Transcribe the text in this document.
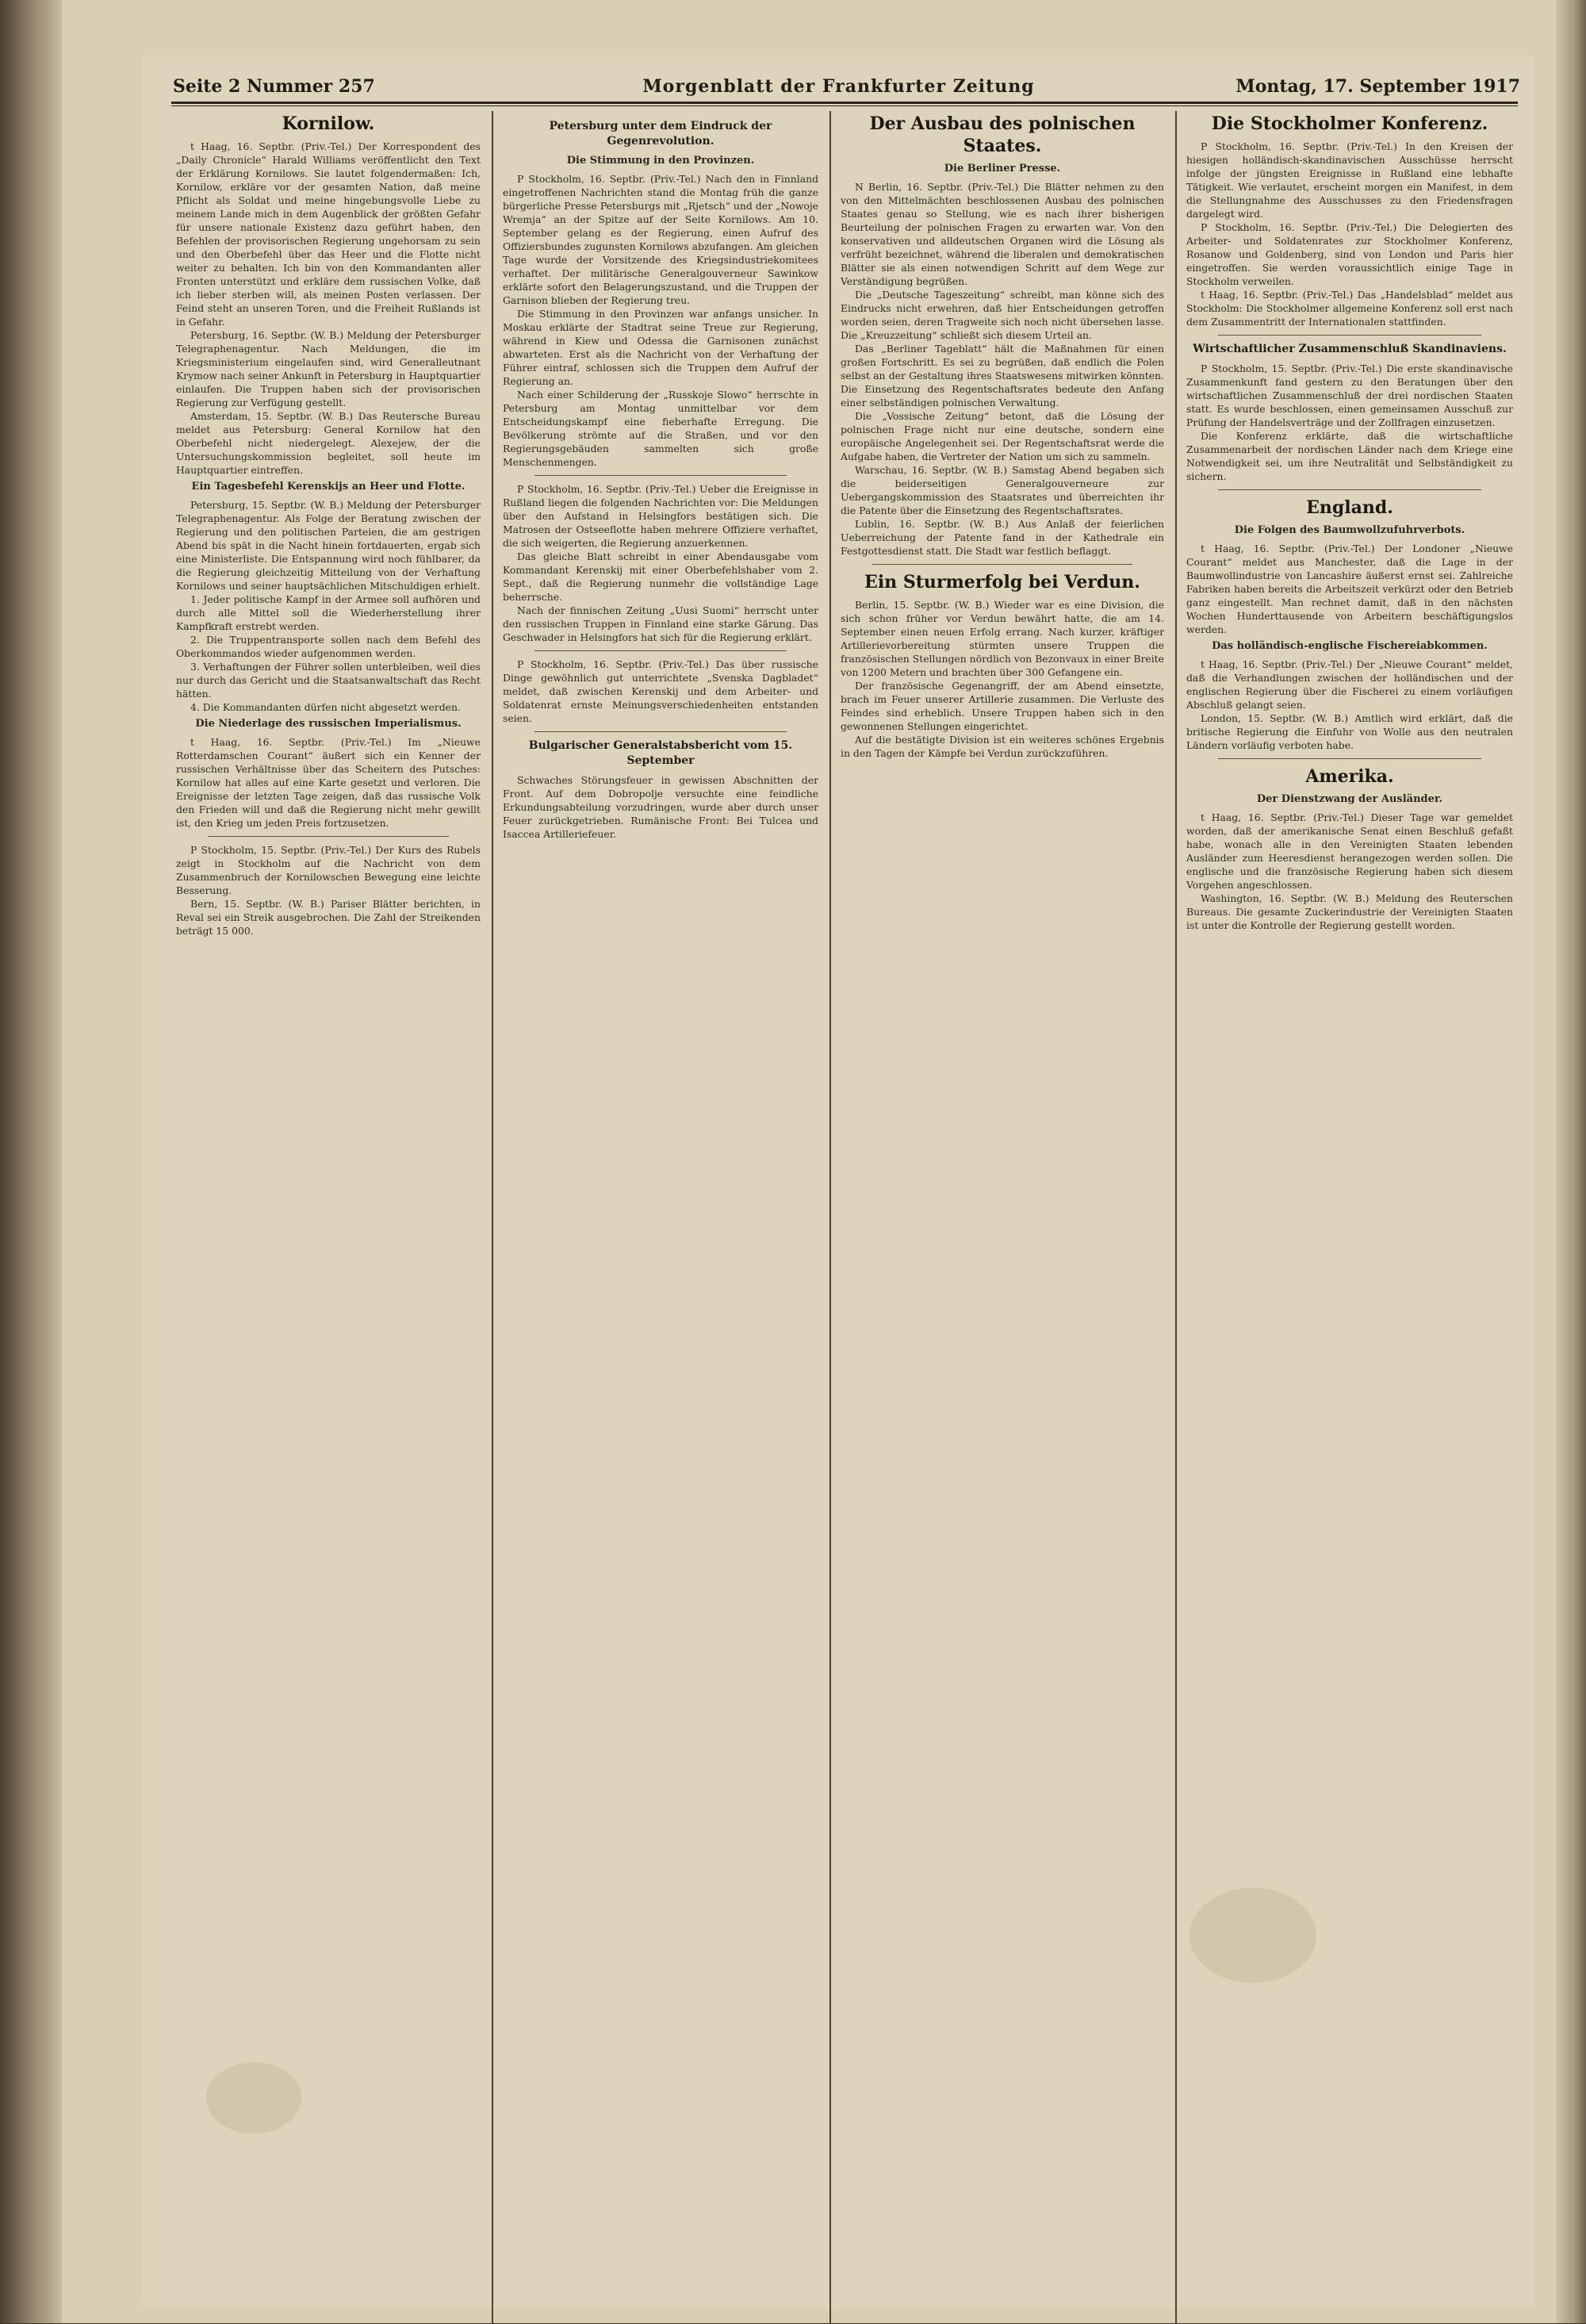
Seite 2 Nummer 257	Morgenblatt der Frankfurter Zeitung	Montag, 17. September 1917
Kornilow.

t Haag, 16. Septbr. (Priv.-Tel.) Der Korrespondent des „Daily Chronicle“ Harald Williams veröffentlicht den Text der Erklärung Kornilows. Sie lautet folgendermaßen: Ich, Kornilow, erkläre vor der gesamten Nation, daß meine Pflicht als Soldat und meine hingebungsvolle Liebe zu meinem Lande mich in dem Augenblick der größten Gefahr für unsere nationale Existenz dazu geführt haben, den Befehlen der provisorischen Regierung ungehorsam zu sein und den Oberbefehl über das Heer und die Flotte nicht weiter zu behalten. Ich bin von den Kommandanten aller Fronten unterstützt und erkläre dem russischen Volke, daß ich lieber sterben will, als meinen Posten verlassen. Der Feind steht an unseren Toren, und die Freiheit Rußlands ist in Gefahr.

Petersburg, 16. Septbr. (W. B.) Meldung der Petersburger Telegraphenagentur. Nach Meldungen, die im Kriegsministerium eingelaufen sind, wird Generalleutnant Krymow nach seiner Ankunft in Petersburg in Hauptquartier einlaufen. Die Truppen haben sich der provisorischen Regierung zur Verfügung gestellt.

Amsterdam, 15. Septbr. (W. B.) Das Reutersche Bureau meldet aus Petersburg: General Kornilow hat den Oberbefehl nicht niedergelegt. Alexejew, der die Untersuchungskommission begleitet, soll heute im Hauptquartier eintreffen.

Ein Tagesbefehl Kerenskijs an Heer und Flotte.

Petersburg, 15. Septbr. (W. B.) Meldung der Petersburger Telegraphenagentur. Als Folge der Beratung zwischen der Regierung und den politischen Parteien, die am gestrigen Abend bis spät in die Nacht hinein fortdauerten, ergab sich eine Ministerliste. Die Entspannung wird noch fühlbarer, da die Regierung gleichzeitig Mitteilung von der Verhaftung Kornilows und seiner hauptsächlichen Mitschuldigen erhielt.

1. Jeder politische Kampf in der Armee soll aufhören und durch alle Mittel soll die Wiederherstellung ihrer Kampfkraft erstrebt werden.

2. Die Truppentransporte sollen nach dem Befehl des Oberkommandos wieder aufgenommen werden.

3. Verhaftungen der Führer sollen unterbleiben, weil dies nur durch das Gericht und die Staatsanwaltschaft das Recht hätten.

4. Die Kommandanten dürfen nicht abgesetzt werden.

Die Niederlage des russischen Imperialismus.

t Haag, 16. Septbr. (Priv.-Tel.) Im „Nieuwe Rotterdamschen Courant“ äußert sich ein Kenner der russischen Verhältnisse über das Scheitern des Putsches: Kornilow hat alles auf eine Karte gesetzt und verloren. Die Ereignisse der letzten Tage zeigen, daß das russische Volk den Frieden will und daß die Regierung nicht mehr gewillt ist, den Krieg um jeden Preis fortzusetzen.

P Stockholm, 15. Septbr. (Priv.-Tel.) Der Kurs des Rubels zeigt in Stockholm auf die Nachricht von dem Zusammenbruch der Kornilowschen Bewegung eine leichte Besserung.

Bern, 15. Septbr. (W. B.) Pariser Blätter berichten, in Reval sei ein Streik ausgebrochen. Die Zahl der Streikenden beträgt 15 000.

Petersburg unter dem Eindruck der Gegenrevolution.
Die Stimmung in den Provinzen.

P Stockholm, 16. Septbr. (Priv.-Tel.) Nach den in Finnland eingetroffenen Nachrichten stand die Montag früh die ganze bürgerliche Presse Petersburgs mit „Rjetsch“ und der „Nowoje Wremja“ an der Spitze auf der Seite Kornilows. Am 10. September gelang es der Regierung, einen Aufruf des Offiziersbundes zugunsten Kornilows abzufangen. Am gleichen Tage wurde der Vorsitzende des Kriegsindustriekomitees verhaftet. Der militärische Generalgouverneur Sawinkow erklärte sofort den Belagerungszustand, und die Truppen der Garnison blieben der Regierung treu.

Die Stimmung in den Provinzen war anfangs unsicher. In Moskau erklärte der Stadtrat seine Treue zur Regierung, während in Kiew und Odessa die Garnisonen zunächst abwarteten. Erst als die Nachricht von der Verhaftung der Führer eintraf, schlossen sich die Truppen dem Aufruf der Regierung an.

Nach einer Schilderung der „Russkoje Slowo“ herrschte in Petersburg am Montag unmittelbar vor dem Entscheidungskampf eine fieberhafte Erregung. Die Bevölkerung strömte auf die Straßen, und vor den Regierungsgebäuden sammelten sich große Menschenmengen.

P Stockholm, 16. Septbr. (Priv.-Tel.) Ueber die Ereignisse in Rußland liegen die folgenden Nachrichten vor: Die Meldungen über den Aufstand in Helsingfors bestätigen sich. Die Matrosen der Ostseeflotte haben mehrere Offiziere verhaftet, die sich weigerten, die Regierung anzuerkennen.

Das gleiche Blatt schreibt in einer Abendausgabe vom Kommandant Kerenskij mit einer Oberbefehlshaber vom 2. Sept., daß die Regierung nunmehr die vollständige Lage beherrsche.

Nach der finnischen Zeitung „Uusi Suomi“ herrscht unter den russischen Truppen in Finnland eine starke Gärung. Das Geschwader in Helsingfors hat sich für die Regierung erklärt.

P Stockholm, 16. Septbr. (Priv.-Tel.) Das über russische Dinge gewöhnlich gut unterrichtete „Svenska Dagbladet“ meldet, daß zwischen Kerenskij und dem Arbeiter- und Soldatenrat ernste Meinungsverschiedenheiten entstanden seien.

Bulgarischer Generalstabsbericht vom 15. September

Schwaches Störungsfeuer in gewissen Abschnitten der Front. Auf dem Dobropolje versuchte eine feindliche Erkundungsabteilung vorzudringen, wurde aber durch unser Feuer zurückgetrieben. Rumänische Front: Bei Tulcea und Isaccea Artilleriefeuer.

Der Ausbau des polnischen Staates.
Die Berliner Presse.

N Berlin, 16. Septbr. (Priv.-Tel.) Die Blätter nehmen zu den von den Mittelmächten beschlossenen Ausbau des polnischen Staates genau so Stellung, wie es nach ihrer bisherigen Beurteilung der polnischen Fragen zu erwarten war. Von den konservativen und alldeutschen Organen wird die Lösung als verfrüht bezeichnet, während die liberalen und demokratischen Blätter sie als einen notwendigen Schritt auf dem Wege zur Verständigung begrüßen.

Die „Deutsche Tageszeitung“ schreibt, man könne sich des Eindrucks nicht erwehren, daß hier Entscheidungen getroffen worden seien, deren Tragweite sich noch nicht übersehen lasse. Die „Kreuzzeitung“ schließt sich diesem Urteil an.

Das „Berliner Tageblatt“ hält die Maßnahmen für einen großen Fortschritt. Es sei zu begrüßen, daß endlich die Polen selbst an der Gestaltung ihres Staatswesens mitwirken könnten. Die Einsetzung des Regentschaftsrates bedeute den Anfang einer selbständigen polnischen Verwaltung.

Die „Vossische Zeitung“ betont, daß die Lösung der polnischen Frage nicht nur eine deutsche, sondern eine europäische Angelegenheit sei. Der Regentschaftsrat werde die Aufgabe haben, die Vertreter der Nation um sich zu sammeln.

Warschau, 16. Septbr. (W. B.) Samstag Abend begaben sich die beiderseitigen Generalgouverneure zur Uebergangskommission des Staatsrates und überreichten ihr die Patente über die Einsetzung des Regentschaftsrates.

Lublin, 16. Septbr. (W. B.) Aus Anlaß der feierlichen Ueberreichung der Patente fand in der Kathedrale ein Festgottesdienst statt. Die Stadt war festlich beflaggt.

Ein Sturmerfolg bei Verdun.

Berlin, 15. Septbr. (W. B.) Wieder war es eine Division, die sich schon früher vor Verdun bewährt hatte, die am 14. September einen neuen Erfolg errang. Nach kurzer, kräftiger Artillerievorbereitung stürmten unsere Truppen die französischen Stellungen nördlich von Bezonvaux in einer Breite von 1200 Metern und brachten über 300 Gefangene ein.

Der französische Gegenangriff, der am Abend einsetzte, brach im Feuer unserer Artillerie zusammen. Die Verluste des Feindes sind erheblich. Unsere Truppen haben sich in den gewonnenen Stellungen eingerichtet.

Auf die bestätigte Division ist ein weiteres schönes Ergebnis in den Tagen der Kämpfe bei Verdun zurückzuführen.

Die Stockholmer Konferenz.

P Stockholm, 16. Septbr. (Priv.-Tel.) In den Kreisen der hiesigen holländisch-skandinavischen Ausschüsse herrscht infolge der jüngsten Ereignisse in Rußland eine lebhafte Tätigkeit. Wie verlautet, erscheint morgen ein Manifest, in dem die Stellungnahme des Ausschusses zu den Friedensfragen dargelegt wird.

P Stockholm, 16. Septbr. (Priv.-Tel.) Die Delegierten des Arbeiter- und Soldatenrates zur Stockholmer Konferenz, Rosanow und Goldenberg, sind von London und Paris hier eingetroffen. Sie werden voraussichtlich einige Tage in Stockholm verweilen.

t Haag, 16. Septbr. (Priv.-Tel.) Das „Handelsblad“ meldet aus Stockholm: Die Stockholmer allgemeine Konferenz soll erst nach dem Zusammentritt der Internationalen stattfinden.

Wirtschaftlicher Zusammenschluß Skandinaviens.

P Stockholm, 15. Septbr. (Priv.-Tel.) Die erste skandinavische Zusammenkunft fand gestern zu den Beratungen über den wirtschaftlichen Zusammenschluß der drei nordischen Staaten statt. Es wurde beschlossen, einen gemeinsamen Ausschuß zur Prüfung der Handelsverträge und der Zollfragen einzusetzen.

Die Konferenz erklärte, daß die wirtschaftliche Zusammenarbeit der nordischen Länder nach dem Kriege eine Notwendigkeit sei, um ihre Neutralität und Selbständigkeit zu sichern.

England.
Die Folgen des Baumwollzufuhrverbots.

t Haag, 16. Septbr. (Priv.-Tel.) Der Londoner „Nieuwe Courant“ meldet aus Manchester, daß die Lage in der Baumwollindustrie von Lancashire äußerst ernst sei. Zahlreiche Fabriken haben bereits die Arbeitszeit verkürzt oder den Betrieb ganz eingestellt. Man rechnet damit, daß in den nächsten Wochen Hunderttausende von Arbeitern beschäftigungslos werden.

Das holländisch-englische Fischereiabkommen.

t Haag, 16. Septbr. (Priv.-Tel.) Der „Nieuwe Courant“ meldet, daß die Verhandlungen zwischen der holländischen und der englischen Regierung über die Fischerei zu einem vorläufigen Abschluß gelangt seien.

London, 15. Septbr. (W. B.) Amtlich wird erklärt, daß die britische Regierung die Einfuhr von Wolle aus den neutralen Ländern vorläufig verboten habe.

Amerika.
Der Dienstzwang der Ausländer.

t Haag, 16. Septbr. (Priv.-Tel.) Dieser Tage war gemeldet worden, daß der amerikanische Senat einen Beschluß gefaßt habe, wonach alle in den Vereinigten Staaten lebenden Ausländer zum Heeresdienst herangezogen werden sollen. Die englische und die französische Regierung haben sich diesem Vorgehen angeschlossen.

Washington, 16. Septbr. (W. B.) Meldung des Reuterschen Bureaus. Die gesamte Zuckerindustrie der Vereinigten Staaten ist unter die Kontrolle der Regierung gestellt worden.
